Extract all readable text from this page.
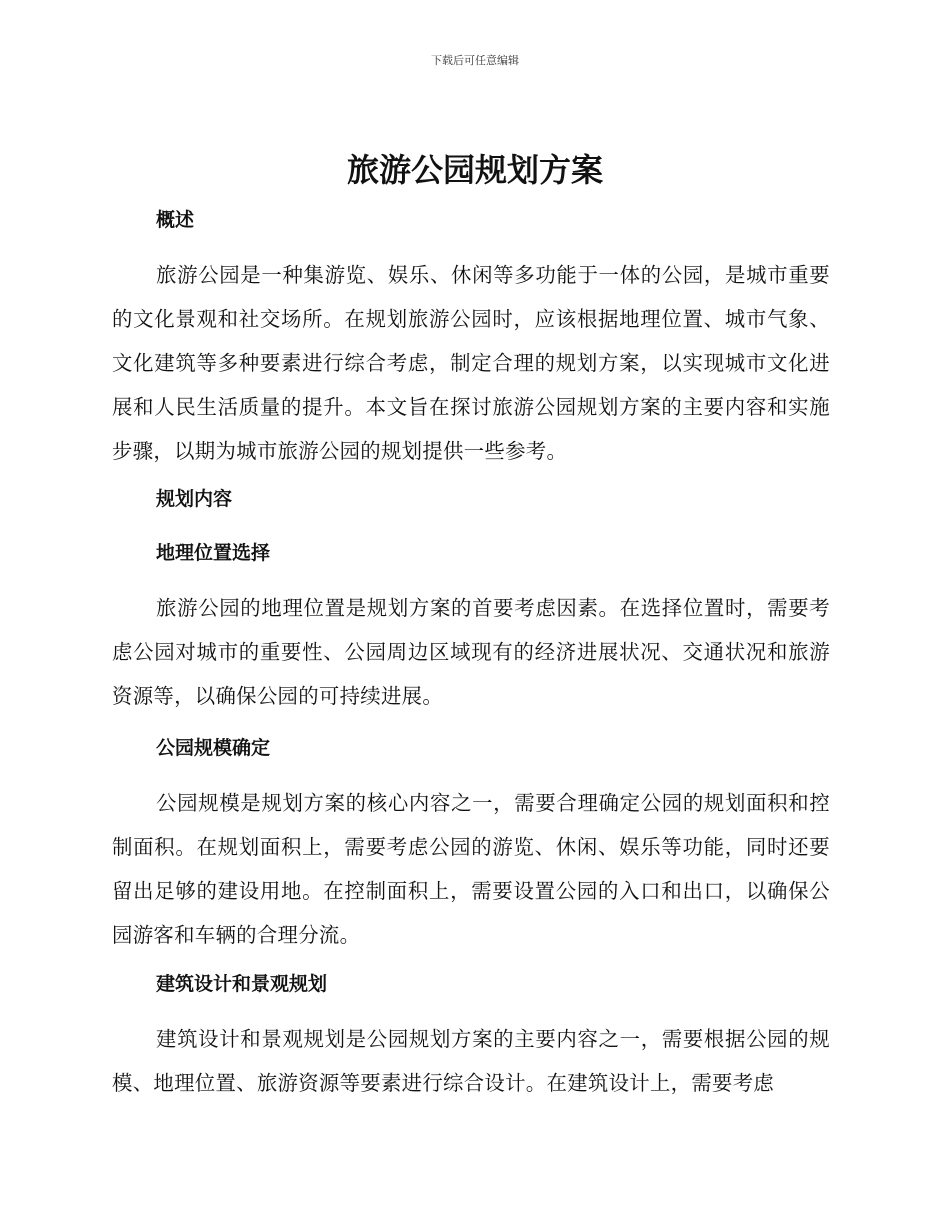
下载后可任意编辑
旅游公园规划方案
概述

旅游公园是一种集游览、娱乐、休闲等多功能于一体的公园，是城市重要的文化景观和社交场所。在规划旅游公园时，应该根据地理位置、城市气象、文化建筑等多种要素进行综合考虑，制定合理的规划方案，以实现城市文化进展和人民生活质量的提升。本文旨在探讨旅游公园规划方案的主要内容和实施步骤，以期为城市旅游公园的规划提供一些参考。

规划内容
地理位置选择

旅游公园的地理位置是规划方案的首要考虑因素。在选择位置时，需要考虑公园对城市的重要性、公园周边区域现有的经济进展状况、交通状况和旅游资源等，以确保公园的可持续进展。

公园规模确定

公园规模是规划方案的核心内容之一，需要合理确定公园的规划面积和控制面积。在规划面积上，需要考虑公园的游览、休闲、娱乐等功能，同时还要留出足够的建设用地。在控制面积上，需要设置公园的入口和出口，以确保公园游客和车辆的合理分流。

建筑设计和景观规划

建筑设计和景观规划是公园规划方案的主要内容之一，需要根据公园的规模、地理位置、旅游资源等要素进行综合设计。在建筑设计上，需要考虑
